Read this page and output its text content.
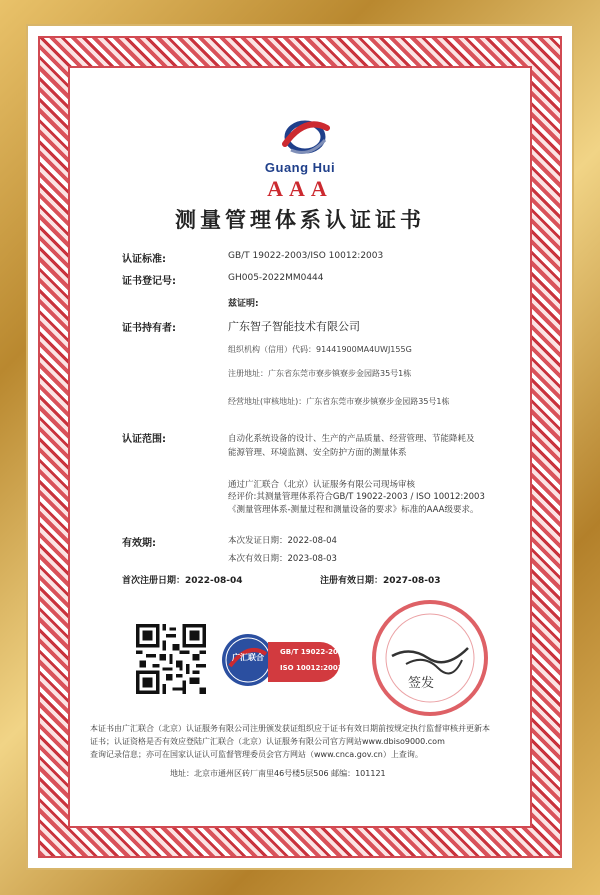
Guang Hui
AAA
测量管理体系认证证书
认证标准:	GB/T 19022-2003/ISO 10012:2003
证书登记号:	GH005-2022MM0444
兹证明:
证书持有者:	广东智子智能技术有限公司
组织机构（信用）代码：91441900MA4UWJ155G
注册地址：广东省东莞市寮步镇寮步金园路35号1栋
经营地址(审核地址)：广东省东莞市寮步镇寮步金园路35号1栋
认证范围:	自动化系统设备的设计、生产的产品质量、经营管理、节能降耗及
能源管理、环境监测、安全防护方面的测量体系
通过广汇联合（北京）认证服务有限公司现场审核
经评价:其测量管理体系符合GB/T 19022-2003 / ISO 10012:2003
《测量管理体系-测量过程和测量设备的要求》标准的AAA级要求。
有效期:	本次发证日期：2022-08-04
本次有效日期：2023-08-03
首次注册日期：2022-08-04	注册有效日期：2027-08-03
广汇联合
GB/T 19022-2003
ISO 10012:2003
签发
本证书由广汇联合（北京）认证服务有限公司注册颁发获证组织应于证书有效日期前按规定执行监督审核并更新本
证书；认证资格是否有效应登陆广汇联合（北京）认证服务有限公司官方网站www.dbiso9000.com
查询记录信息；亦可在国家认证认可监督管理委员会官方网站（www.cnca.gov.cn）上查询。
地址：北京市通州区砖厂南里46号楼5层506 邮编：101121
